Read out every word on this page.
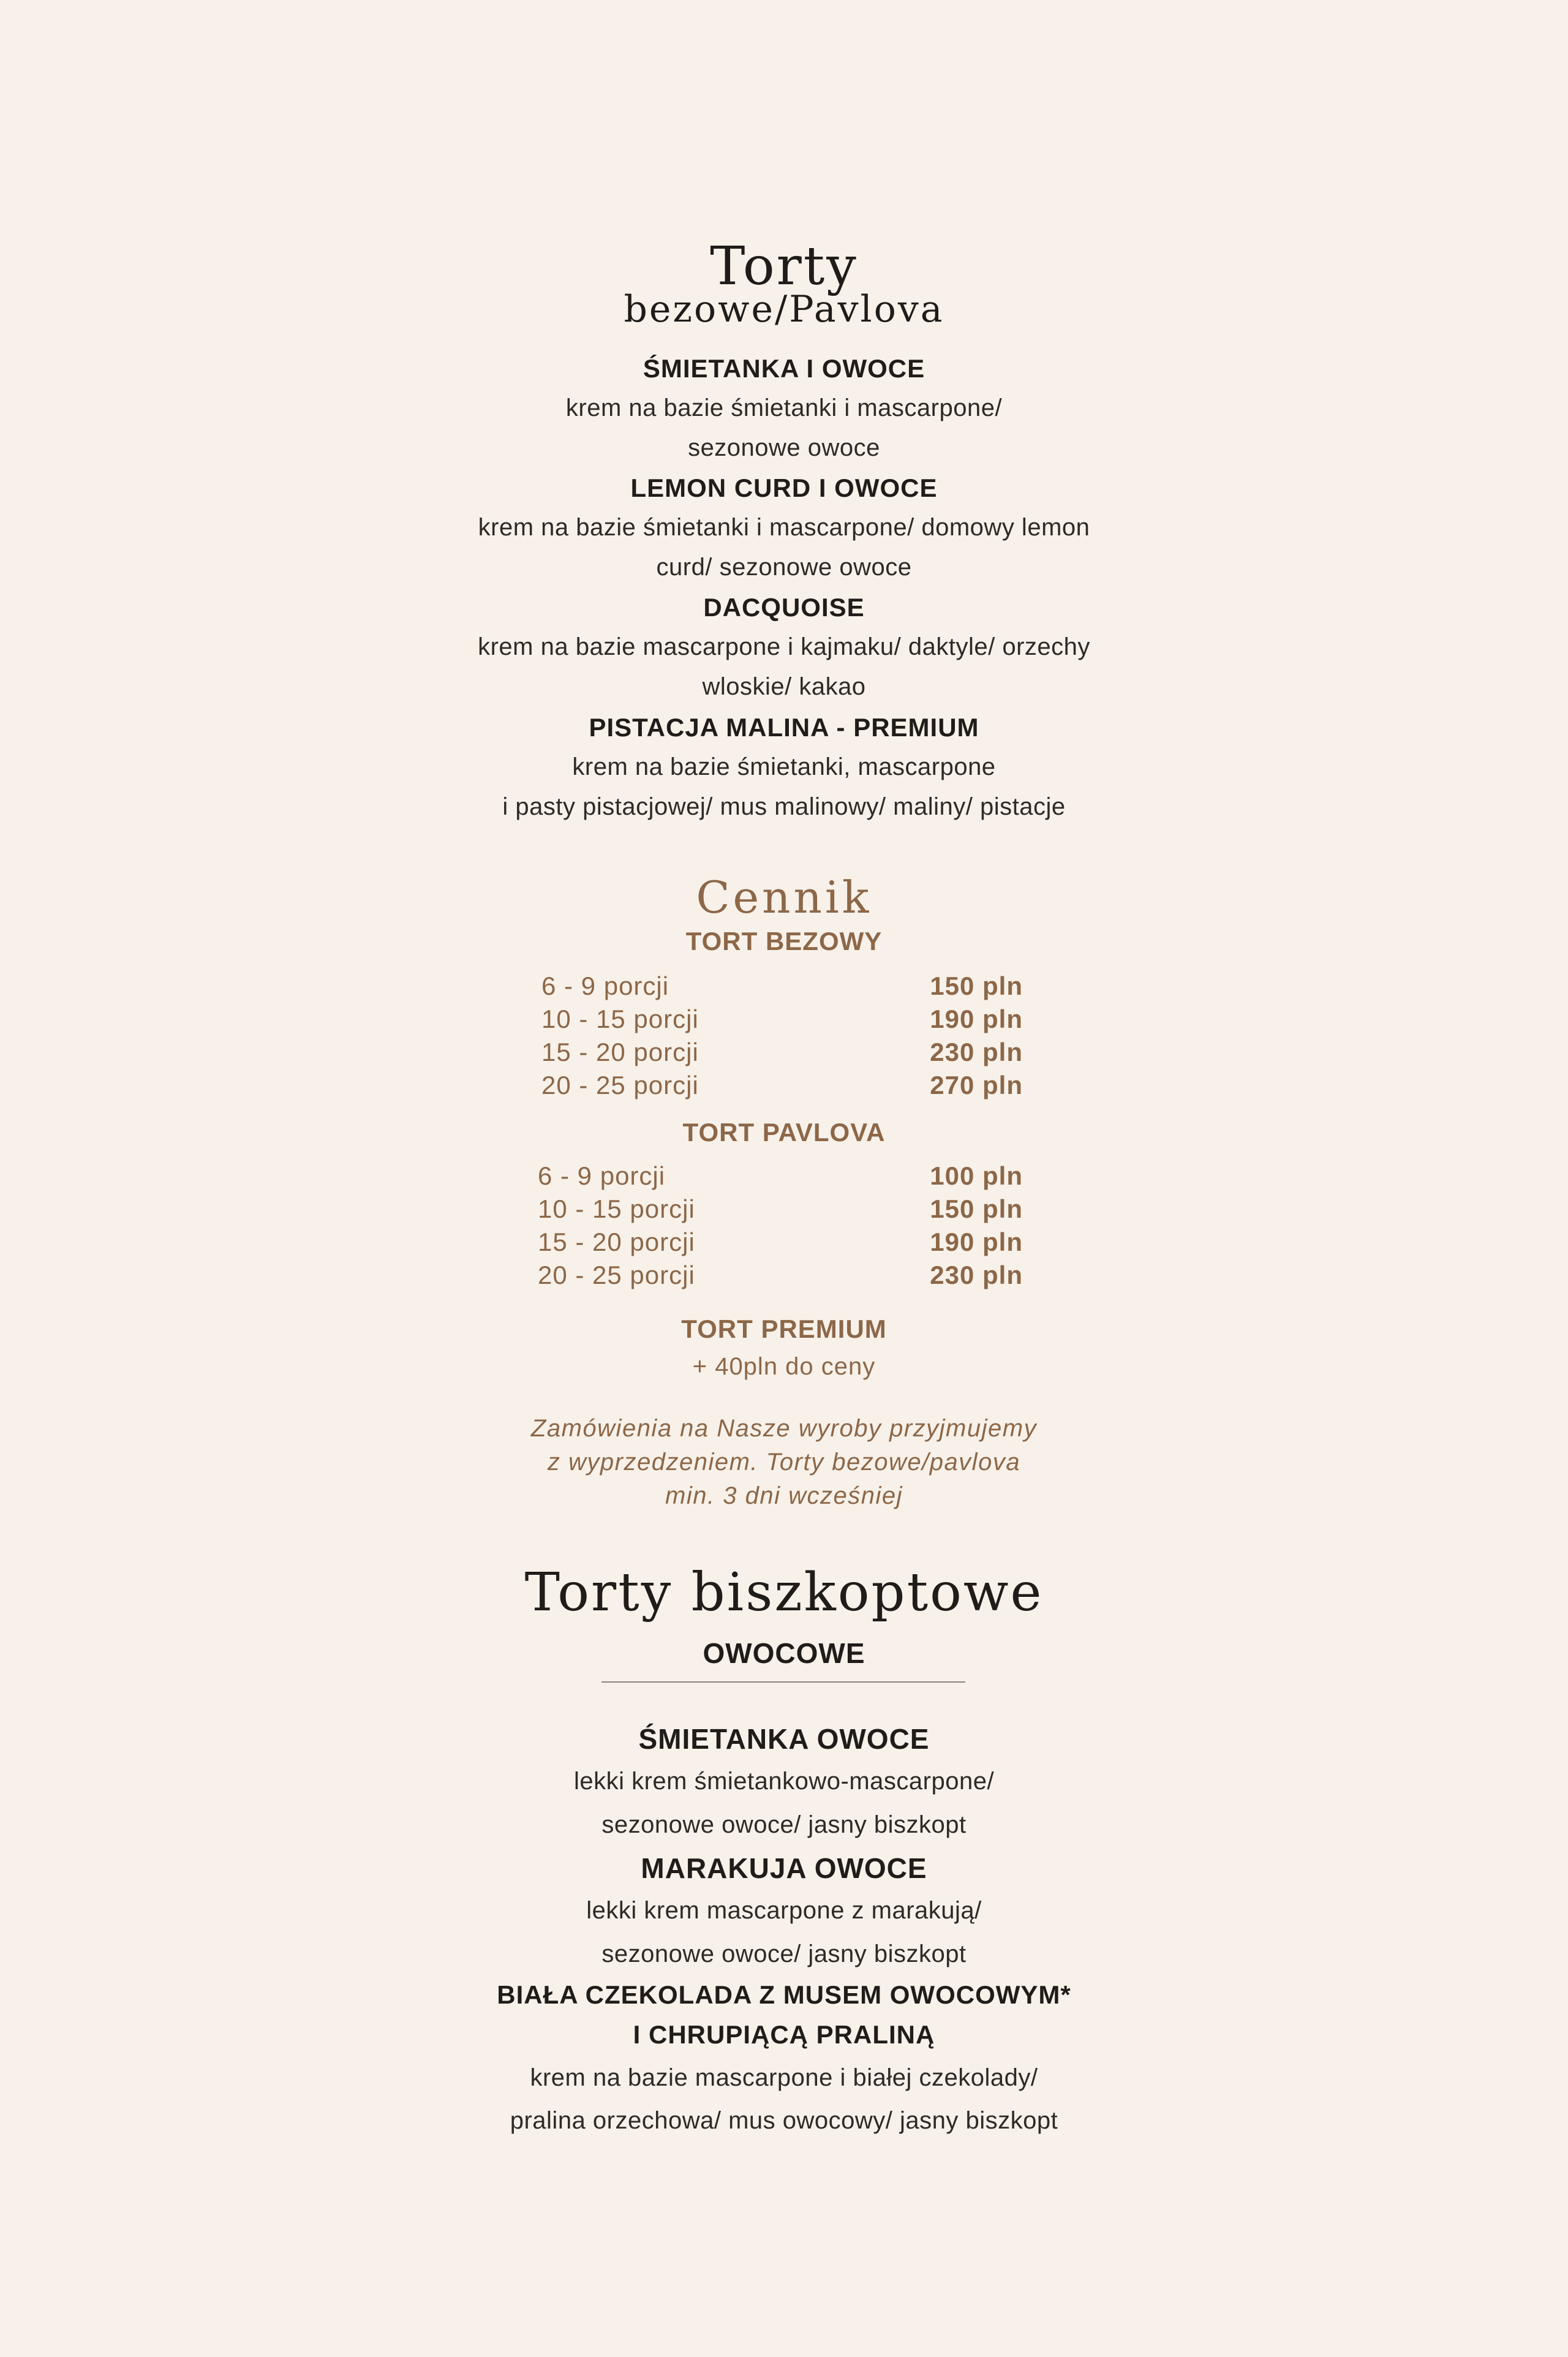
Torty
bezowe/Pavlova
ŚMIETANKA I OWOCE
krem na bazie śmietanki i mascarpone/
sezonowe owoce
LEMON CURD I OWOCE
krem na bazie śmietanki i mascarpone/ domowy lemon
curd/ sezonowe owoce
DACQUOISE
krem na bazie mascarpone i kajmaku/ daktyle/ orzechy
wloskie/ kakao
PISTACJA MALINA - PREMIUM
krem na bazie śmietanki, mascarpone
i pasty pistacjowej/ mus malinowy/ maliny/ pistacje
Cennik
TORT BEZOWY
6 - 9 porcji	150 pln
10 - 15 porcji	190 pln
15 - 20 porcji	230 pln
20 - 25 porcji	270 pln
TORT PAVLOVA
6 - 9 porcji	100 pln
10 - 15 porcji	150 pln
15 - 20 porcji	190 pln
20 - 25 porcji	230 pln
TORT PREMIUM
+ 40pln do ceny
Zamówienia na Nasze wyroby przyjmujemy
z wyprzedzeniem. Torty bezowe/pavlova
min. 3 dni wcześniej
Torty biszkoptowe
OWOCOWE
ŚMIETANKA OWOCE
lekki krem śmietankowo-mascarpone/
sezonowe owoce/ jasny biszkopt
MARAKUJA OWOCE
lekki krem mascarpone z marakują/
sezonowe owoce/ jasny biszkopt
BIAŁA CZEKOLADA Z MUSEM OWOCOWYM*
I CHRUPIĄCĄ PRALINĄ
krem na bazie mascarpone i białej czekolady/
pralina orzechowa/ mus owocowy/ jasny biszkopt
